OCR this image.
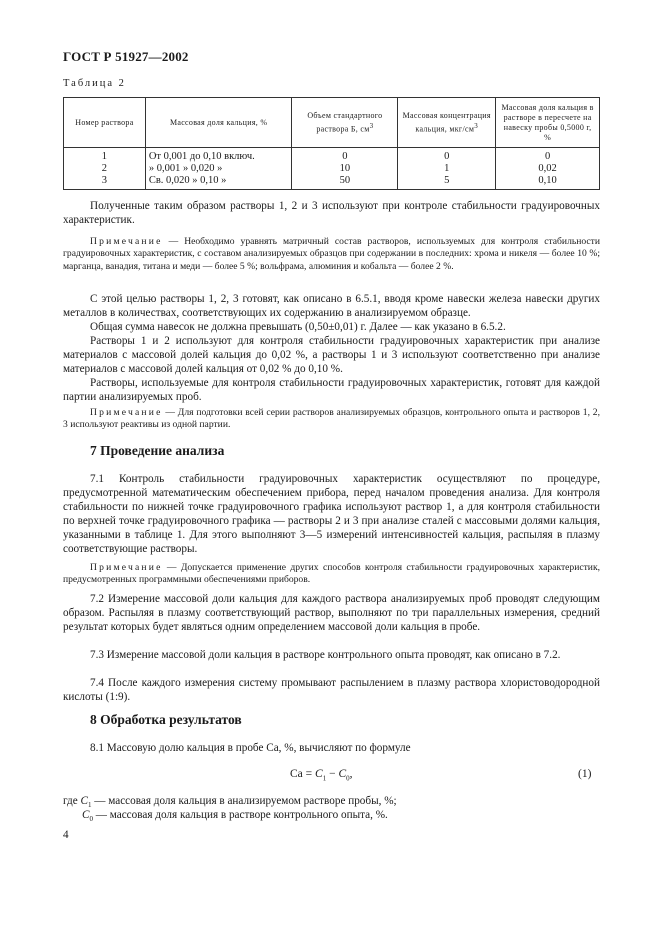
ГОСТ Р 51927—2002
Таблица 2
Номер раствора	Массовая доля кальция, %	Объем стандартного раствора Б, $см^3$	Массовая концентрация кальция, мкг/$см^3$	Массовая доля кальция в растворе в пересчете на навеску пробы 0,5000 г, %
1	От 0,001 до 0,10 включ.	0	0	0
2	» 0,001 » 0,020 »	10	1	0,02
3	Св. 0,020 » 0,10 »	50	5	0,10
Полученные таким образом растворы 1, 2 и 3 используют при контроле стабильности градуировочных характеристик.
Примечание — Необходимо уравнять матричный состав растворов, используемых для контроля стабильности градуировочных характеристик, с составом анализируемых образцов при содержании в последних: хрома и никеля — более 10 %; марганца, ванадия, титана и меди — более 5 %; вольфрама, алюминия и кобальта — более 2 %.
С этой целью растворы 1, 2, 3 готовят, как описано в 6.5.1, вводя кроме навески железа навески других металлов в количествах, соответствующих их содержанию в анализируемом образце.
Общая сумма навесок не должна превышать (0,50±0,01) г. Далее — как указано в 6.5.2.
Растворы 1 и 2 используют для контроля стабильности градуировочных характеристик при анализе материалов с массовой долей кальция до 0,02 %, а растворы 1 и 3 используют соответственно при анализе материалов с массовой долей кальция от 0,02 % до 0,10 %.
Растворы, используемые для контроля стабильности градуировочных характеристик, готовят для каждой партии анализируемых проб.
Примечание — Для подготовки всей серии растворов анализируемых образцов, контрольного опыта и растворов 1, 2, 3 используют реактивы из одной партии.
7 Проведение анализа
7.1 Контроль стабильности градуировочных характеристик осуществляют по процедуре, предусмотренной математическим обеспечением прибора, перед началом проведения анализа. Для контроля стабильности по нижней точке градуировочного графика используют раствор 1, а для контроля стабильности по верхней точке градуировочного графика — растворы 2 и 3 при анализе сталей с массовыми долями кальция, указанными в таблице 1. Для этого выполняют 3—5 измерений интенсивностей кальция, распыляя в плазму соответствующие растворы.
Примечание — Допускается применение других способов контроля стабильности градуировочных характеристик, предусмотренных программными обеспечениями приборов.
7.2 Измерение массовой доли кальция для каждого раствора анализируемых проб проводят следующим образом. Распыляя в плазму соответствующий раствор, выполняют по три параллельных измерения, средний результат которых будет являться одним определением массовой доли кальция в пробе.
7.3 Измерение массовой доли кальция в растворе контрольного опыта проводят, как описано в 7.2.
7.4 После каждого измерения систему промывают распылением в плазму раствора хлористоводородной кислоты (1:9).
8 Обработка результатов
8.1 Массовую долю кальция в пробе Са, %, вычисляют по формуле
$Ca = C_1 - C_0$,	(1)
где $C_1$ — массовая доля кальция в анализируемом растворе пробы, %;
$C_0$ — массовая доля кальция в растворе контрольного опыта, %.
4
